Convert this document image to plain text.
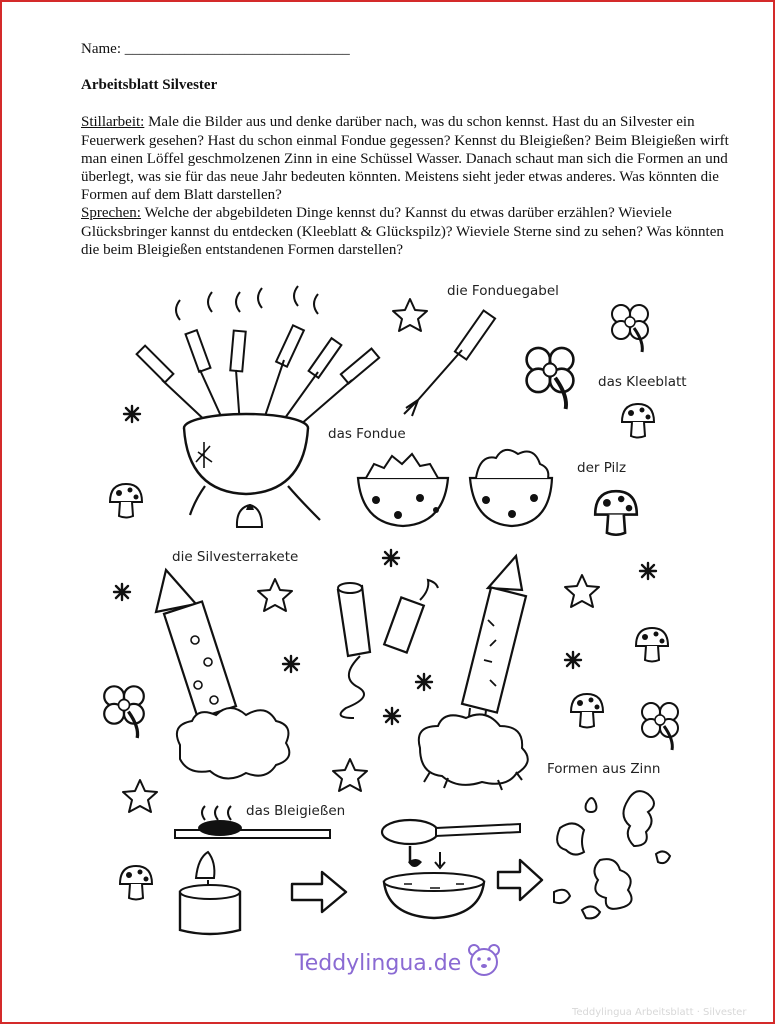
Name: ______________________________
Arbeitsblatt Silvester

Stillarbeit: Male die Bilder aus und denke darüber nach, was du schon kennst. Hast du an Silvester ein Feuerwerk gesehen? Hast du schon einmal Fondue gegessen? Kennst du Bleigießen? Beim Bleigießen wirft man einen Löffel geschmolzenen Zinn in eine Schüssel Wasser. Danach schaut man sich die Formen an und überlegt, was sie für das neue Jahr bedeuten könnten. Meistens sieht jeder etwas anderes. Was könnten die Formen auf dem Blatt darstellen?

Sprechen: Welche der abgebildeten Dinge kennst du? Kannst du etwas darüber erzählen? Wieviele Glücksbringer kannst du entdecken (Kleeblatt & Glückspilz)? Wieviele Sterne sind zu sehen? Was könnten die beim Bleigießen entstandenen Formen darstellen?

die Fonduegabel
das Kleeblatt
das Fondue
der Pilz
die Silvesterrakete
Formen aus Zinn
das Bleigießen
Teddylingua.de
Teddylingua Arbeitsblatt · Silvester
